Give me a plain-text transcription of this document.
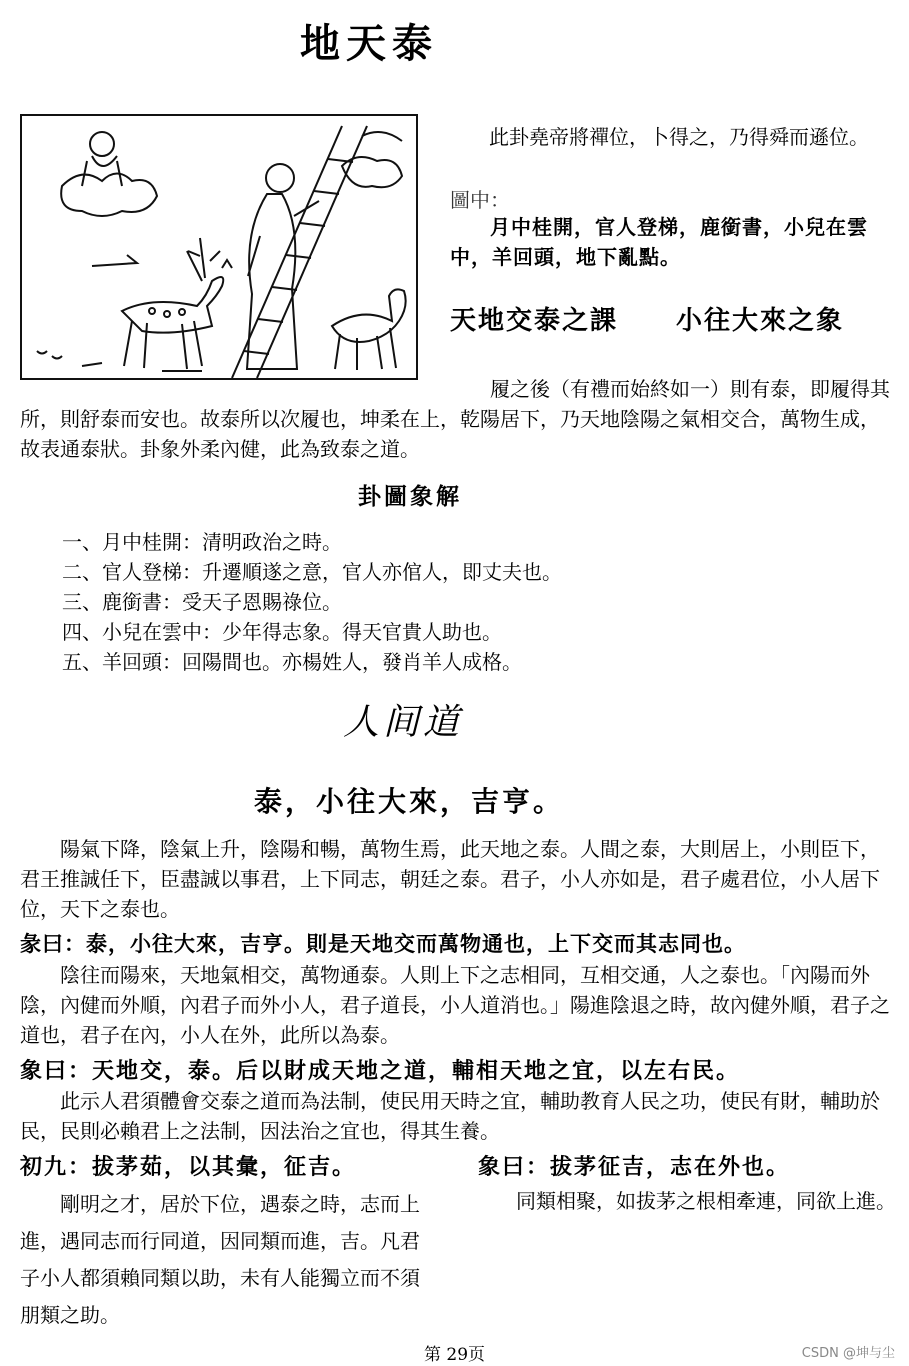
地天泰
此卦堯帝將禪位，卜得之，乃得舜而遜位。
圖中：
月中桂開，官人登梯，鹿銜書，小兒在雲中，羊回頭，地下亂點。
天地交泰之課 小往大來之象
履之後（有禮而始終如一）則有泰，即履得其所，則舒泰而安也。故泰所以次履也，坤柔在上，乾陽居下，乃天地陰陽之氣相交合，萬物生成，故表通泰狀。卦象外柔內健，此為致泰之道。
卦圖象解
一、月中桂開：清明政治之時。
二、官人登梯：升遷順遂之意，官人亦倌人，即丈夫也。
三、鹿銜書：受天子恩賜祿位。
四、小兒在雲中：少年得志象。得天官貴人助也。
五、羊回頭：回陽間也。亦楊姓人，發肖羊人成格。
人间道
泰，小往大來，吉亨。
陽氣下降，陰氣上升，陰陽和暢，萬物生焉，此天地之泰。人間之泰，大則居上，小則臣下，君王推誠任下，臣盡誠以事君，上下同志，朝廷之泰。君子，小人亦如是，君子處君位，小人居下位，天下之泰也。
彖曰：泰，小往大來，吉亨。則是天地交而萬物通也，上下交而其志同也。
陰往而陽來，天地氣相交，萬物通泰。人則上下之志相同，互相交通，人之泰也。「內陽而外陰，內健而外順，內君子而外小人，君子道長，小人道消也。」陽進陰退之時，故內健外順，君子之道也，君子在內，小人在外，此所以為泰。
象曰：天地交，泰。后以財成天地之道，輔相天地之宜，以左右民。
此示人君須體會交泰之道而為法制，使民用天時之宜，輔助教育人民之功，使民有財，輔助於民，民則必賴君上之法制，因法治之宜也，得其生養。
初九：拔茅茹，以其彙，征吉。
剛明之才，居於下位，遇泰之時，志而上進，遇同志而行同道，因同類而進，吉。凡君子小人都須賴同類以助，未有人能獨立而不須朋類之助。
象曰：拔茅征吉，志在外也。
同類相聚，如拔茅之根相牽連，同欲上進。
第 29页	CSDN @坤与尘
